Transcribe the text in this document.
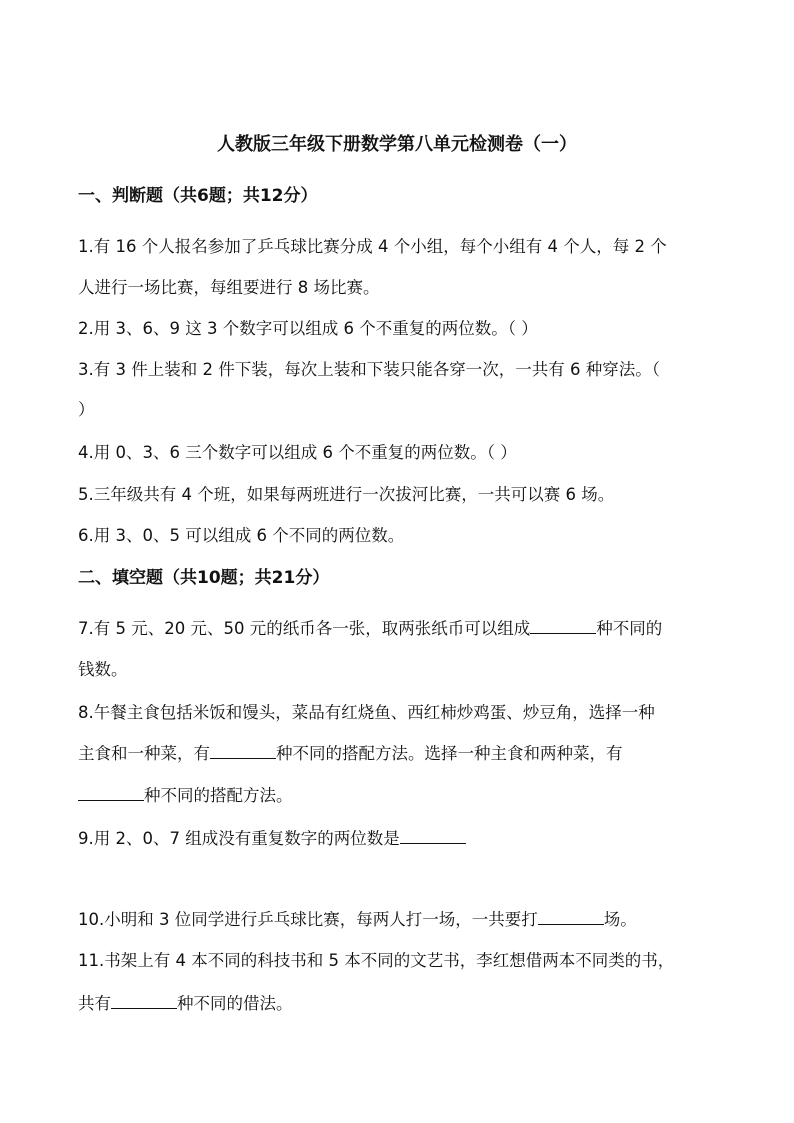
人教版三年级下册数学第八单元检测卷（一）
一、判断题（共6题；共12分）
1.有 16 个人报名参加了乒乓球比赛分成 4 个小组，每个小组有 4 个人，每 2 个
人进行一场比赛，每组要进行 8 场比赛。
2.用 3、6、9 这 3 个数字可以组成 6 个不重复的两位数。（ ）
3.有 3 件上装和 2 件下装，每次上装和下装只能各穿一次，一共有 6 种穿法。（
）
4.用 0、3、6 三个数字可以组成 6 个不重复的两位数。（ ）
5.三年级共有 4 个班，如果每两班进行一次拔河比赛，一共可以赛 6 场。
6.用 3、0、5 可以组成 6 个不同的两位数。
二、填空题（共10题；共21分）
7.有 5 元、20 元、50 元的纸币各一张，取两张纸币可以组成	种不同的
钱数。
8.午餐主食包括米饭和馒头，菜品有红烧鱼、西红柿炒鸡蛋、炒豆角，选择一种
主食和一种菜，有	种不同的搭配方法。选择一种主食和两种菜，有
种不同的搭配方法。
9.用 2、0、7 组成没有重复数字的两位数是
10.小明和 3 位同学进行乒乓球比赛，每两人打一场，一共要打	场。
11.书架上有 4 本不同的科技书和 5 本不同的文艺书，李红想借两本不同类的书，
共有	种不同的借法。
